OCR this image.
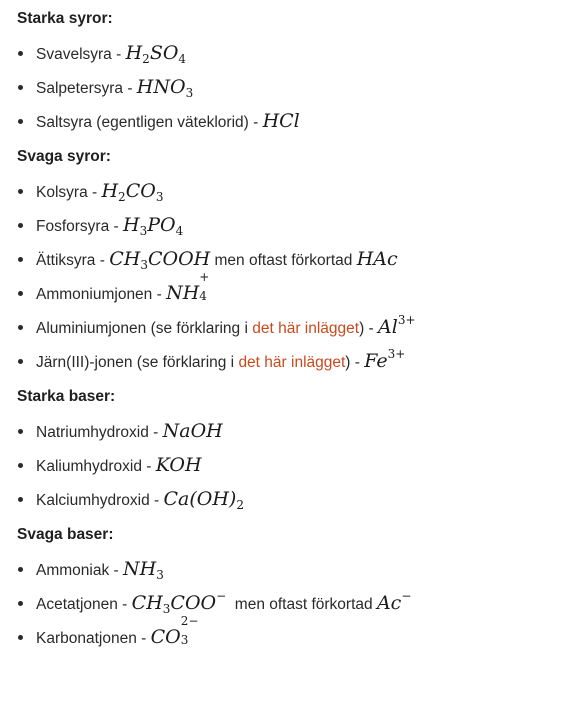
Starka syror:
Svavelsyra - $H_2SO_4$
Salpetersyra - $HNO_3$
Saltsyra (egentligen väteklorid) - HCl
Svaga syror:
Kolsyra - $H_2CO_3$
Fosforsyra - $H_3PO_4$
Ättiksyra - $CH_3COOH$ men oftast förkortad HAc
Ammoniumjonen - NH
+
4
Aluminiumjonen (se förklaring i det här inlägget) - $Al^{3+}$
Järn(III)-jonen (se förklaring i det här inlägget) - $Fe^{3+}$
Starka baser:
Natriumhydroxid - NaOH
Kaliumhydroxid - KOH
Kalciumhydroxid - $Ca(OH)_2$
Svaga baser:
Ammoniak - $NH_3$
Acetatjonen - $CH_3COO^-$  men oftast förkortad Ac−
Karbonatjonen - CO
2−
3
